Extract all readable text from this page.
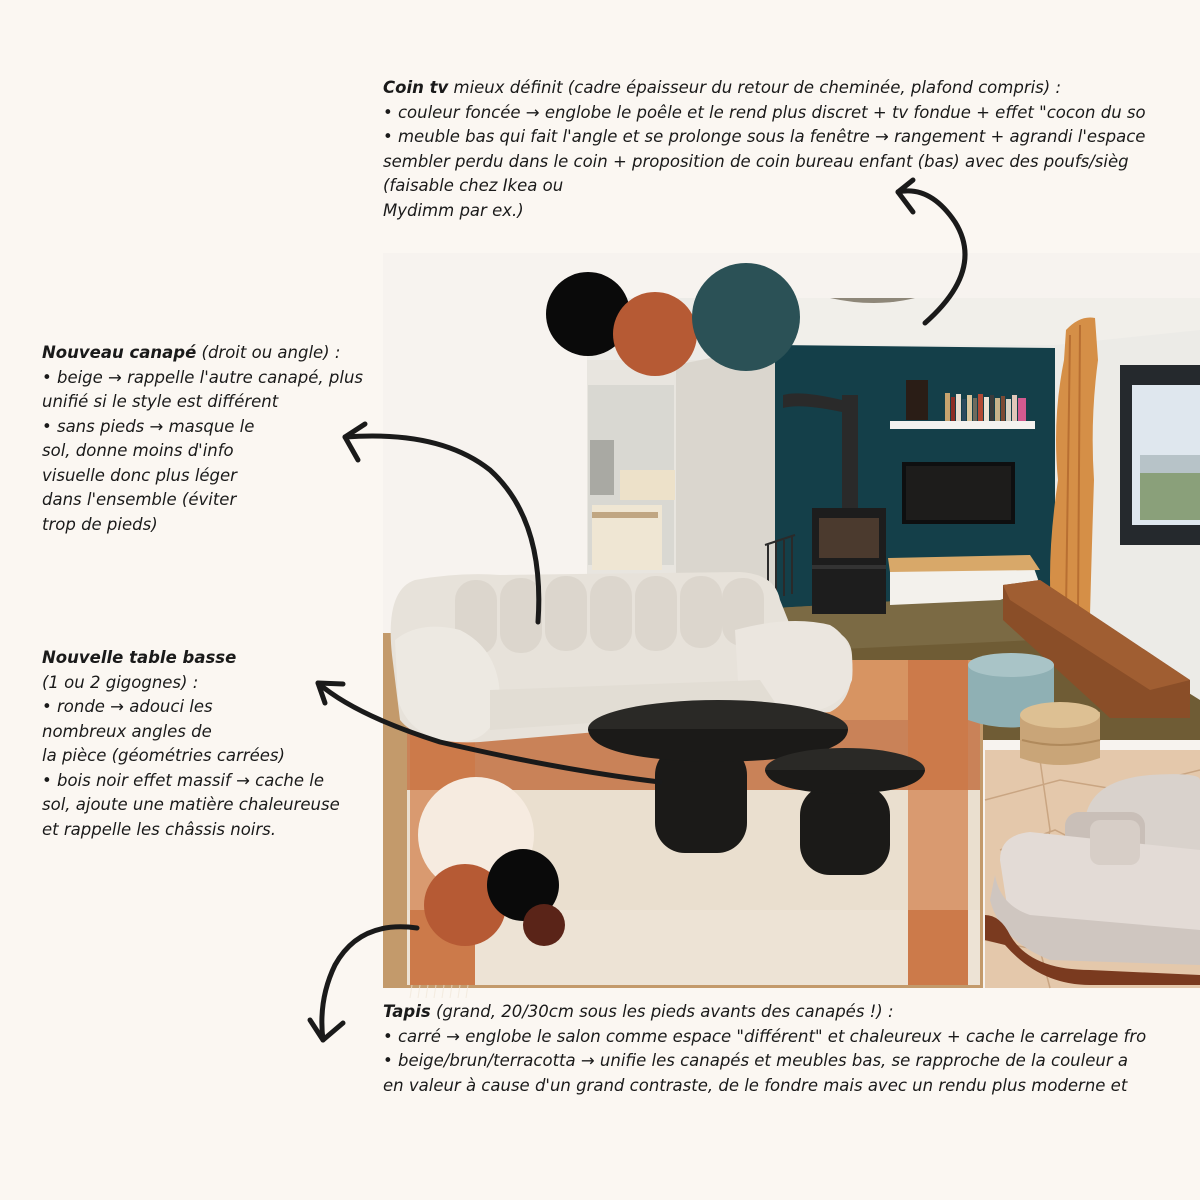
Coin tv mieux définit (cadre épaisseur du retour de cheminée, plafond compris) :
• couleur foncée → englobe le poêle et le rend plus discret + tv fondue + effet "cocon du so
• meuble bas qui fait l'angle et se prolonge sous la fenêtre → rangement + agrandi l'espace
sembler perdu dans le coin + proposition de coin bureau enfant (bas) avec des poufs/sièg
(faisable chez Ikea ou
Mydimm par ex.)
Nouveau canapé (droit ou angle) :
• beige → rappelle l'autre canapé, plus
unifié si le style est différent
• sans pieds → masque le
sol, donne moins d'info
visuelle donc plus léger
dans l'ensemble (éviter
trop de pieds)
Nouvelle table basse
(1 ou 2 gigognes) :
• ronde → adouci les
nombreux angles de
la pièce (géométries carrées)
• bois noir effet massif → cache le
sol, ajoute une matière chaleureuse
et rappelle les châssis noirs.
Tapis (grand, 20/30cm sous les pieds avants des canapés !) :
• carré → englobe le salon comme espace "différent" et chaleureux + cache le carrelage fro
• beige/brun/terracotta → unifie les canapés et meubles bas, se rapproche de la couleur a
en valeur à cause d'un grand contraste, de le fondre mais avec un rendu plus moderne et
